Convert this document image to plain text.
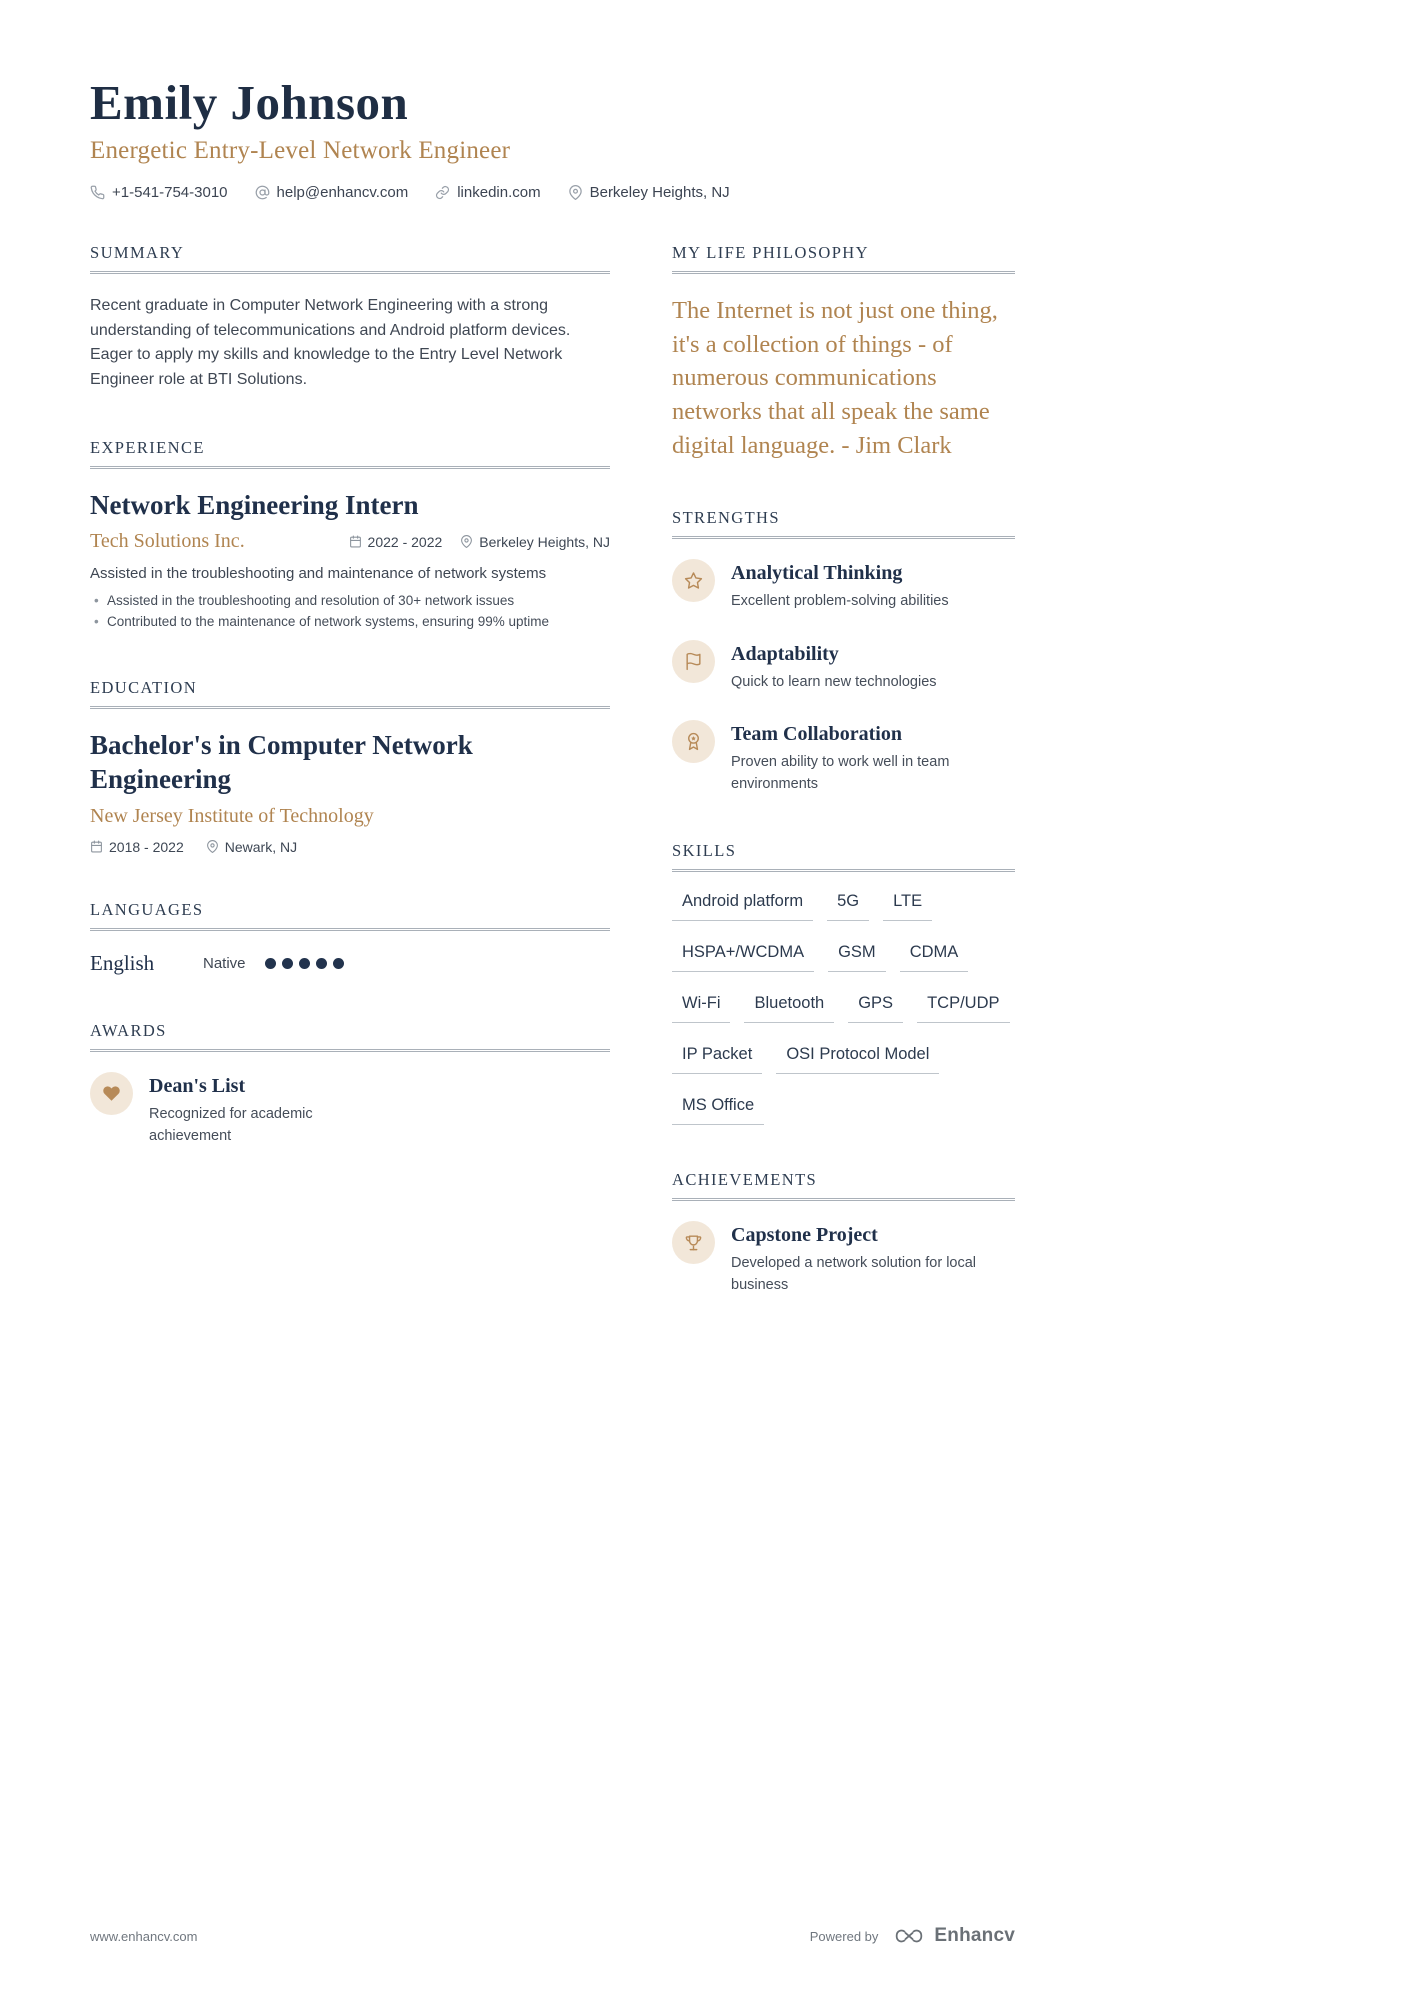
Emily Johnson
Energetic Entry-Level Network Engineer
+1-541-754-3010	help@enhancv.com	linkedin.com	Berkeley Heights, NJ
SUMMARY

Recent graduate in Computer Network Engineering with a strong understanding of telecommunications and Android platform devices. Eager to apply my skills and knowledge to the Entry Level Network Engineer role at BTI Solutions.

EXPERIENCE
Network Engineering Intern
Tech Solutions Inc.	2022 - 2022	Berkeley Heights, NJ
Assisted in the troubleshooting and maintenance of network systems
• Assisted in the troubleshooting and resolution of 30+ network issues
• Contributed to the maintenance of network systems, ensuring 99% uptime
EDUCATION
Bachelor's in Computer Network Engineering
New Jersey Institute of Technology
2018 - 2022	Newark, NJ
LANGUAGES
English	Native
AWARDS
Dean's List
Recognized for academic achievement
MY LIFE PHILOSOPHY
The Internet is not just one thing, it's a collection of things - of numerous communications networks that all speak the same digital language. - Jim Clark
STRENGTHS
Analytical Thinking
Excellent problem-solving abilities
Adaptability
Quick to learn new technologies
Team Collaboration
Proven ability to work well in team environments
SKILLS
Android platform	5G	LTE
HSPA+/WCDMA	GSM	CDMA
Wi-Fi	Bluetooth	GPS	TCP/UDP
IP Packet	OSI Protocol Model
MS Office
ACHIEVEMENTS
Capstone Project
Developed a network solution for local business
www.enhancv.com	Powered by	Enhancv
